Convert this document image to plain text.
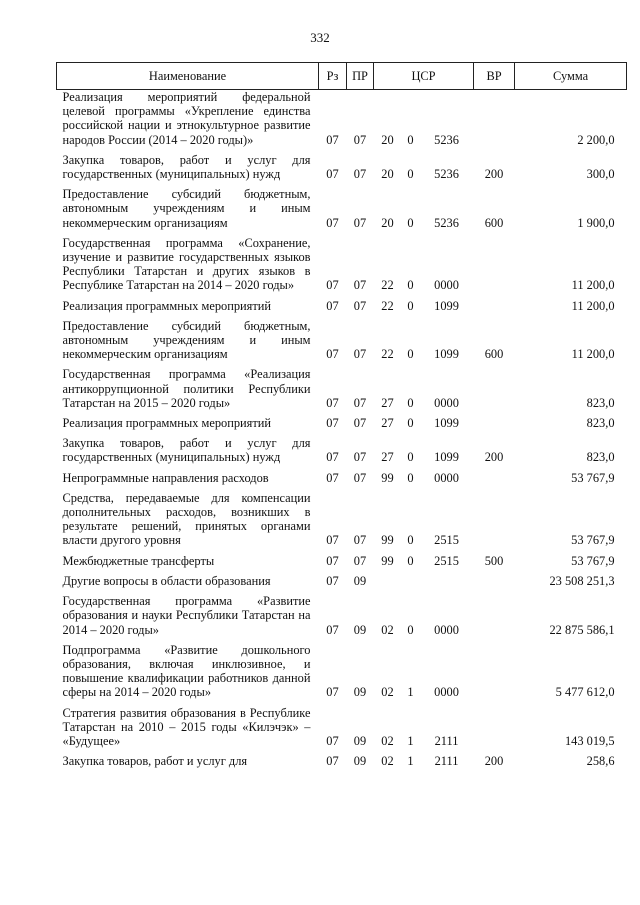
332
Наименование	Рз	ПР	ЦСР			ВР	Сумма
Реализация мероприятий федеральной целевой программы «Укрепление единства российской нации и этнокультурное развитие народов России (2014 – 2020 годы)»	07	07	20	0	5236		2 200,0
Закупка товаров, работ и услуг для государственных (муниципальных) нужд	07	07	20	0	5236	200	300,0
Предоставление субсидий бюджетным, автономным учреждениям и иным некоммерческим организациям	07	07	20	0	5236	600	1 900,0
Государственная программа «Сохранение, изучение и развитие государственных языков Республики Татарстан и других языков в Республике Татарстан на 2014 – 2020 годы»	07	07	22	0	0000		11 200,0
Реализация программных мероприятий	07	07	22	0	1099		11 200,0
Предоставление субсидий бюджетным, автономным учреждениям и иным некоммерческим организациям	07	07	22	0	1099	600	11 200,0
Государственная программа «Реализация антикоррупционной политики Республики Татарстан на 2015 – 2020 годы»	07	07	27	0	0000		823,0
Реализация программных мероприятий	07	07	27	0	1099		823,0
Закупка товаров, работ и услуг для государственных (муниципальных) нужд	07	07	27	0	1099	200	823,0
Непрограммные направления расходов	07	07	99	0	0000		53 767,9
Средства, передаваемые для компенсации дополнительных расходов, возникших в результате решений, принятых органами власти другого уровня	07	07	99	0	2515		53 767,9
Межбюджетные трансферты	07	07	99	0	2515	500	53 767,9
Другие вопросы в области образования	07	09					23 508 251,3
Государственная программа «Развитие образования и науки Республики Татарстан на 2014 – 2020 годы»	07	09	02	0	0000		22 875 586,1
Подпрограмма «Развитие дошкольного образования, включая инклюзивное, и повышение квалификации работников данной сферы на 2014 – 2020 годы»	07	09	02	1	0000		5 477 612,0
Стратегия развития образования в Республике Татарстан на 2010 – 2015 годы «Килэчэк» – «Будущее»	07	09	02	1	2111		143 019,5
Закупка товаров, работ и услуг для	07	09	02	1	2111	200	258,6
